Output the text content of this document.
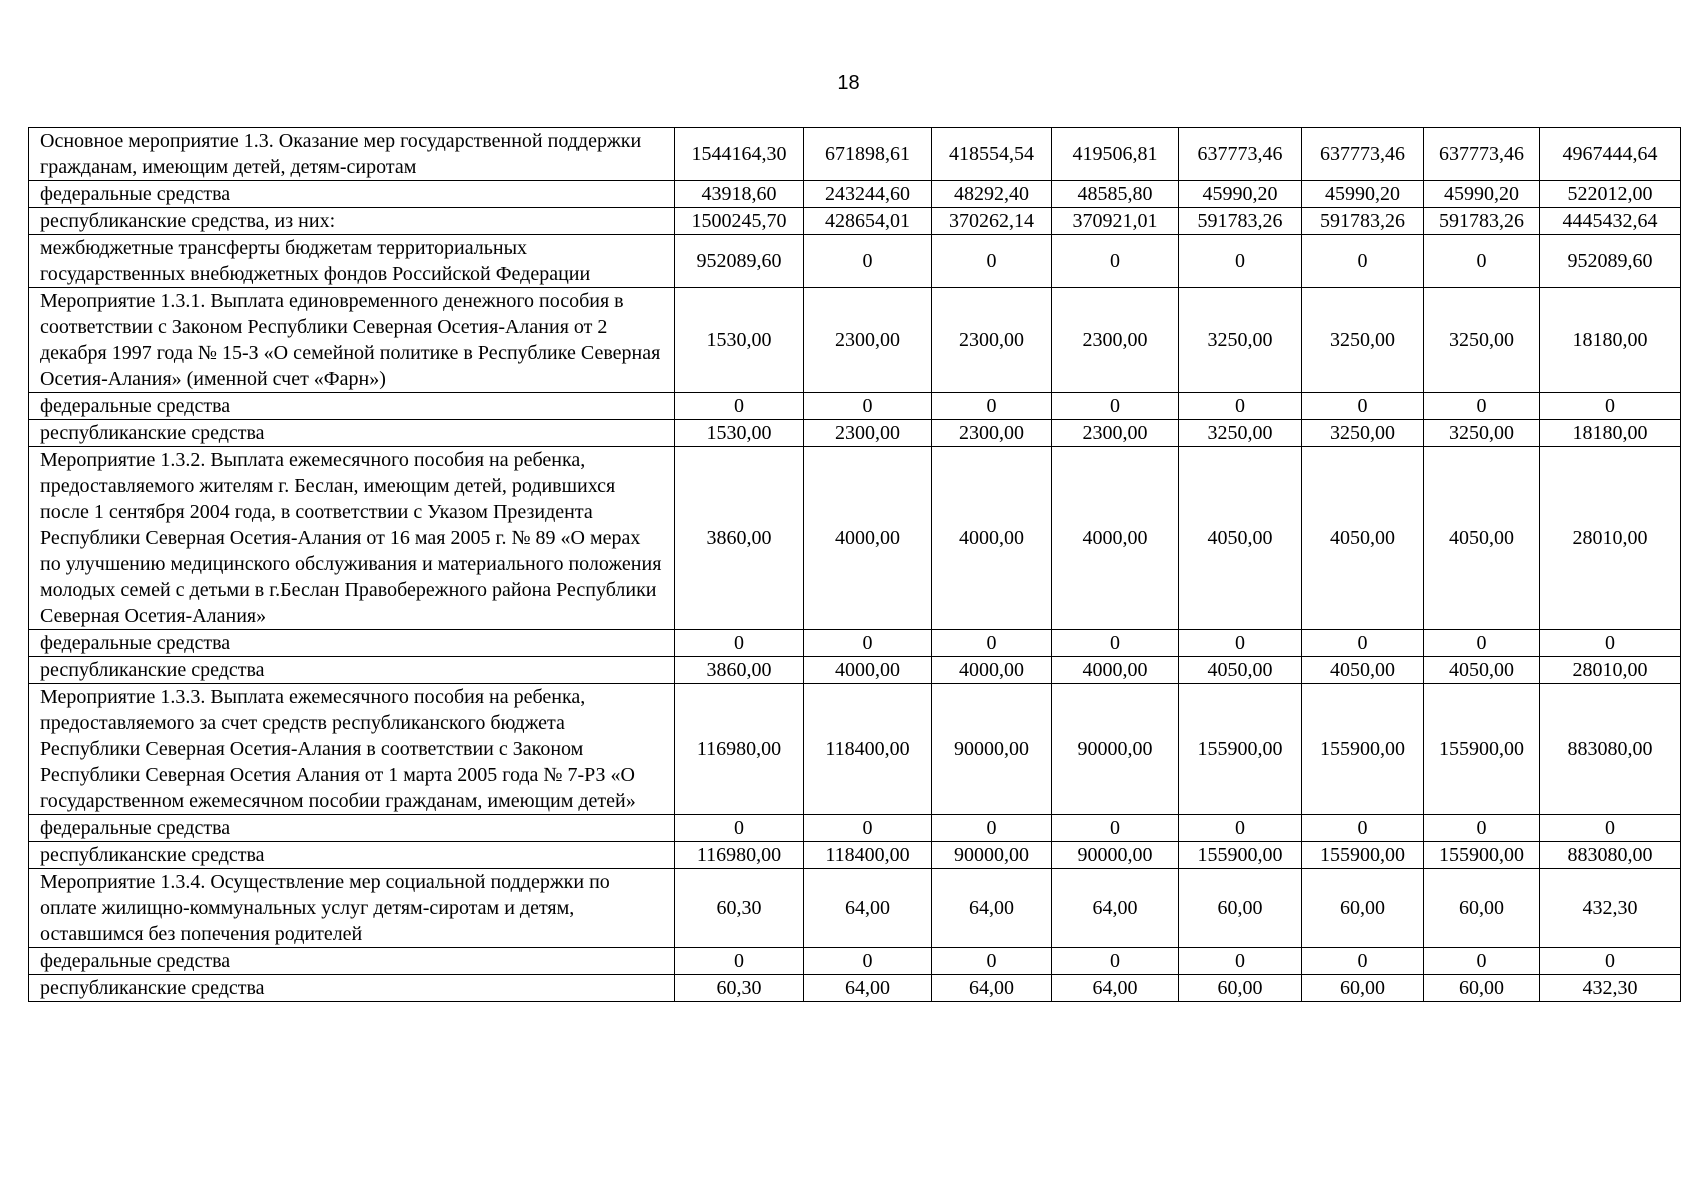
18
Основное мероприятие 1.3. Оказание мер государственной поддержки гражданам, имеющим детей, детям-сиротам	1544164,30	671898,61	418554,54	419506,81	637773,46	637773,46	637773,46	4967444,64
федеральные средства	43918,60	243244,60	48292,40	48585,80	45990,20	45990,20	45990,20	522012,00
республиканские средства, из них:	1500245,70	428654,01	370262,14	370921,01	591783,26	591783,26	591783,26	4445432,64
межбюджетные трансферты бюджетам территориальных государственных внебюджетных фондов Российской Федерации	952089,60	0	0	0	0	0	0	952089,60
Мероприятие 1.3.1. Выплата единовременного денежного пособия в соответствии с Законом Республики Северная Осетия-Алания от 2 декабря 1997 года № 15-З «О семейной политике в Республике Северная Осетия-Алания» (именной счет «Фарн»)	1530,00	2300,00	2300,00	2300,00	3250,00	3250,00	3250,00	18180,00
федеральные средства	0	0	0	0	0	0	0	0
республиканские средства	1530,00	2300,00	2300,00	2300,00	3250,00	3250,00	3250,00	18180,00
Мероприятие 1.3.2. Выплата ежемесячного пособия на ребенка, предоставляемого жителям г. Беслан, имеющим детей, родившихся после 1 сентября 2004 года, в соответствии с Указом Президента Республики Северная Осетия-Алания от 16 мая 2005 г. № 89 «О мерах по улучшению медицинского обслуживания и материального положения молодых семей с детьми в г.Беслан Правобережного района Республики Северная Осетия-Алания»	3860,00	4000,00	4000,00	4000,00	4050,00	4050,00	4050,00	28010,00
федеральные средства	0	0	0	0	0	0	0	0
республиканские средства	3860,00	4000,00	4000,00	4000,00	4050,00	4050,00	4050,00	28010,00
Мероприятие 1.3.3. Выплата ежемесячного пособия на ребенка, предоставляемого за счет средств республиканского бюджета Республики Северная Осетия-Алания в соответствии с Законом Республики Северная Осетия Алания от 1 марта 2005 года № 7-РЗ «О государственном ежемесячном пособии гражданам, имеющим детей»	116980,00	118400,00	90000,00	90000,00	155900,00	155900,00	155900,00	883080,00
федеральные средства	0	0	0	0	0	0	0	0
республиканские средства	116980,00	118400,00	90000,00	90000,00	155900,00	155900,00	155900,00	883080,00
Мероприятие 1.3.4. Осуществление мер социальной поддержки по оплате жилищно-коммунальных услуг детям-сиротам и детям, оставшимся без попечения родителей	60,30	64,00	64,00	64,00	60,00	60,00	60,00	432,30
федеральные средства	0	0	0	0	0	0	0	0
республиканские средства	60,30	64,00	64,00	64,00	60,00	60,00	60,00	432,30
